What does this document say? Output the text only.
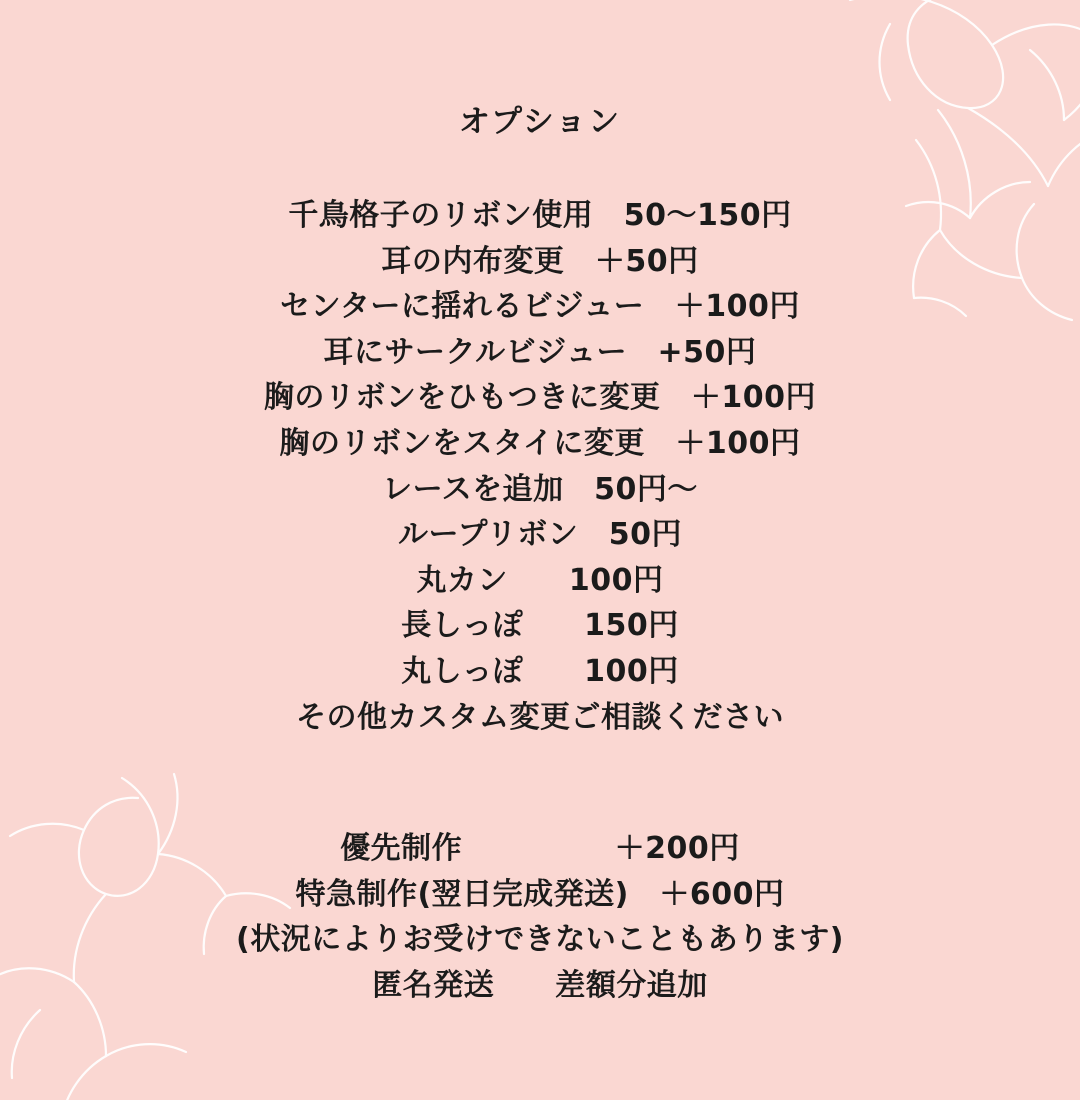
オプション
千鳥格子のリボン使用　50〜150円
耳の内布変更　＋50円
センターに揺れるビジュー　＋100円
耳にサークルビジュー　+50円
胸のリボンをひもつきに変更　＋100円
胸のリボンをスタイに変更　＋100円
レースを追加　50円〜
ループリボン　50円
丸カン　　100円
長しっぽ　　150円
丸しっぽ　　100円
その他カスタム変更ご相談ください
優先制作　　　　　＋200円
特急制作(翌日完成発送)　＋600円
(状況によりお受けできないこともあります)
匿名発送　　差額分追加
